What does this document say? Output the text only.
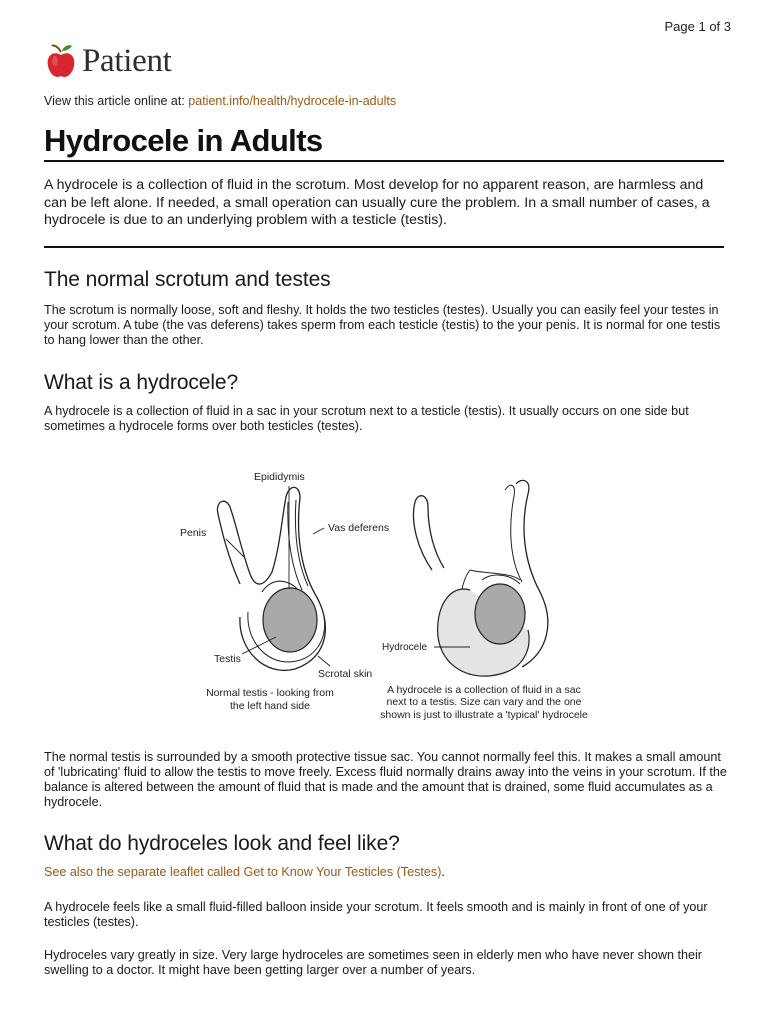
Page 1 of 3
Patient
View this article online at: patient.info/health/hydrocele-in-adults
Hydrocele in Adults

A hydrocele is a collection of fluid in the scrotum. Most develop for no apparent reason, are harmless and can be left alone. If needed, a small operation can usually cure the problem. In a small number of cases, a hydrocele is due to an underlying problem with a testicle (testis).

The normal scrotum and testes

The scrotum is normally loose, soft and fleshy. It holds the two testicles (testes). Usually you can easily feel your testes in your scrotum. A tube (the vas deferens) takes sperm from each testicle (testis) to the your penis. It is normal for one testis to hang lower than the other.

What is a hydrocele?

A hydrocele is a collection of fluid in a sac in your scrotum next to a testicle (testis). It usually occurs on one side but sometimes a hydrocele forms over both testicles (testes).

Epididymis
Penis	Vas deferens
Testis
Scrotal skin
Hydrocele
Normal testis - looking from
the left hand side
A hydrocele is a collection of fluid in a sac
next to a testis. Size can vary and the one
shown is just to illustrate a 'typical' hydrocele

The normal testis is surrounded by a smooth protective tissue sac. You cannot normally feel this. It makes a small amount of 'lubricating' fluid to allow the testis to move freely. Excess fluid normally drains away into the veins in your scrotum. If the balance is altered between the amount of fluid that is made and the amount that is drained, some fluid accumulates as a hydrocele.

What do hydroceles look and feel like?

See also the separate leaflet called Get to Know Your Testicles (Testes).

A hydrocele feels like a small fluid-filled balloon inside your scrotum. It feels smooth and is mainly in front of one of your testicles (testes).

Hydroceles vary greatly in size. Very large hydroceles are sometimes seen in elderly men who have never shown their swelling to a doctor. It might have been getting larger over a number of years.
